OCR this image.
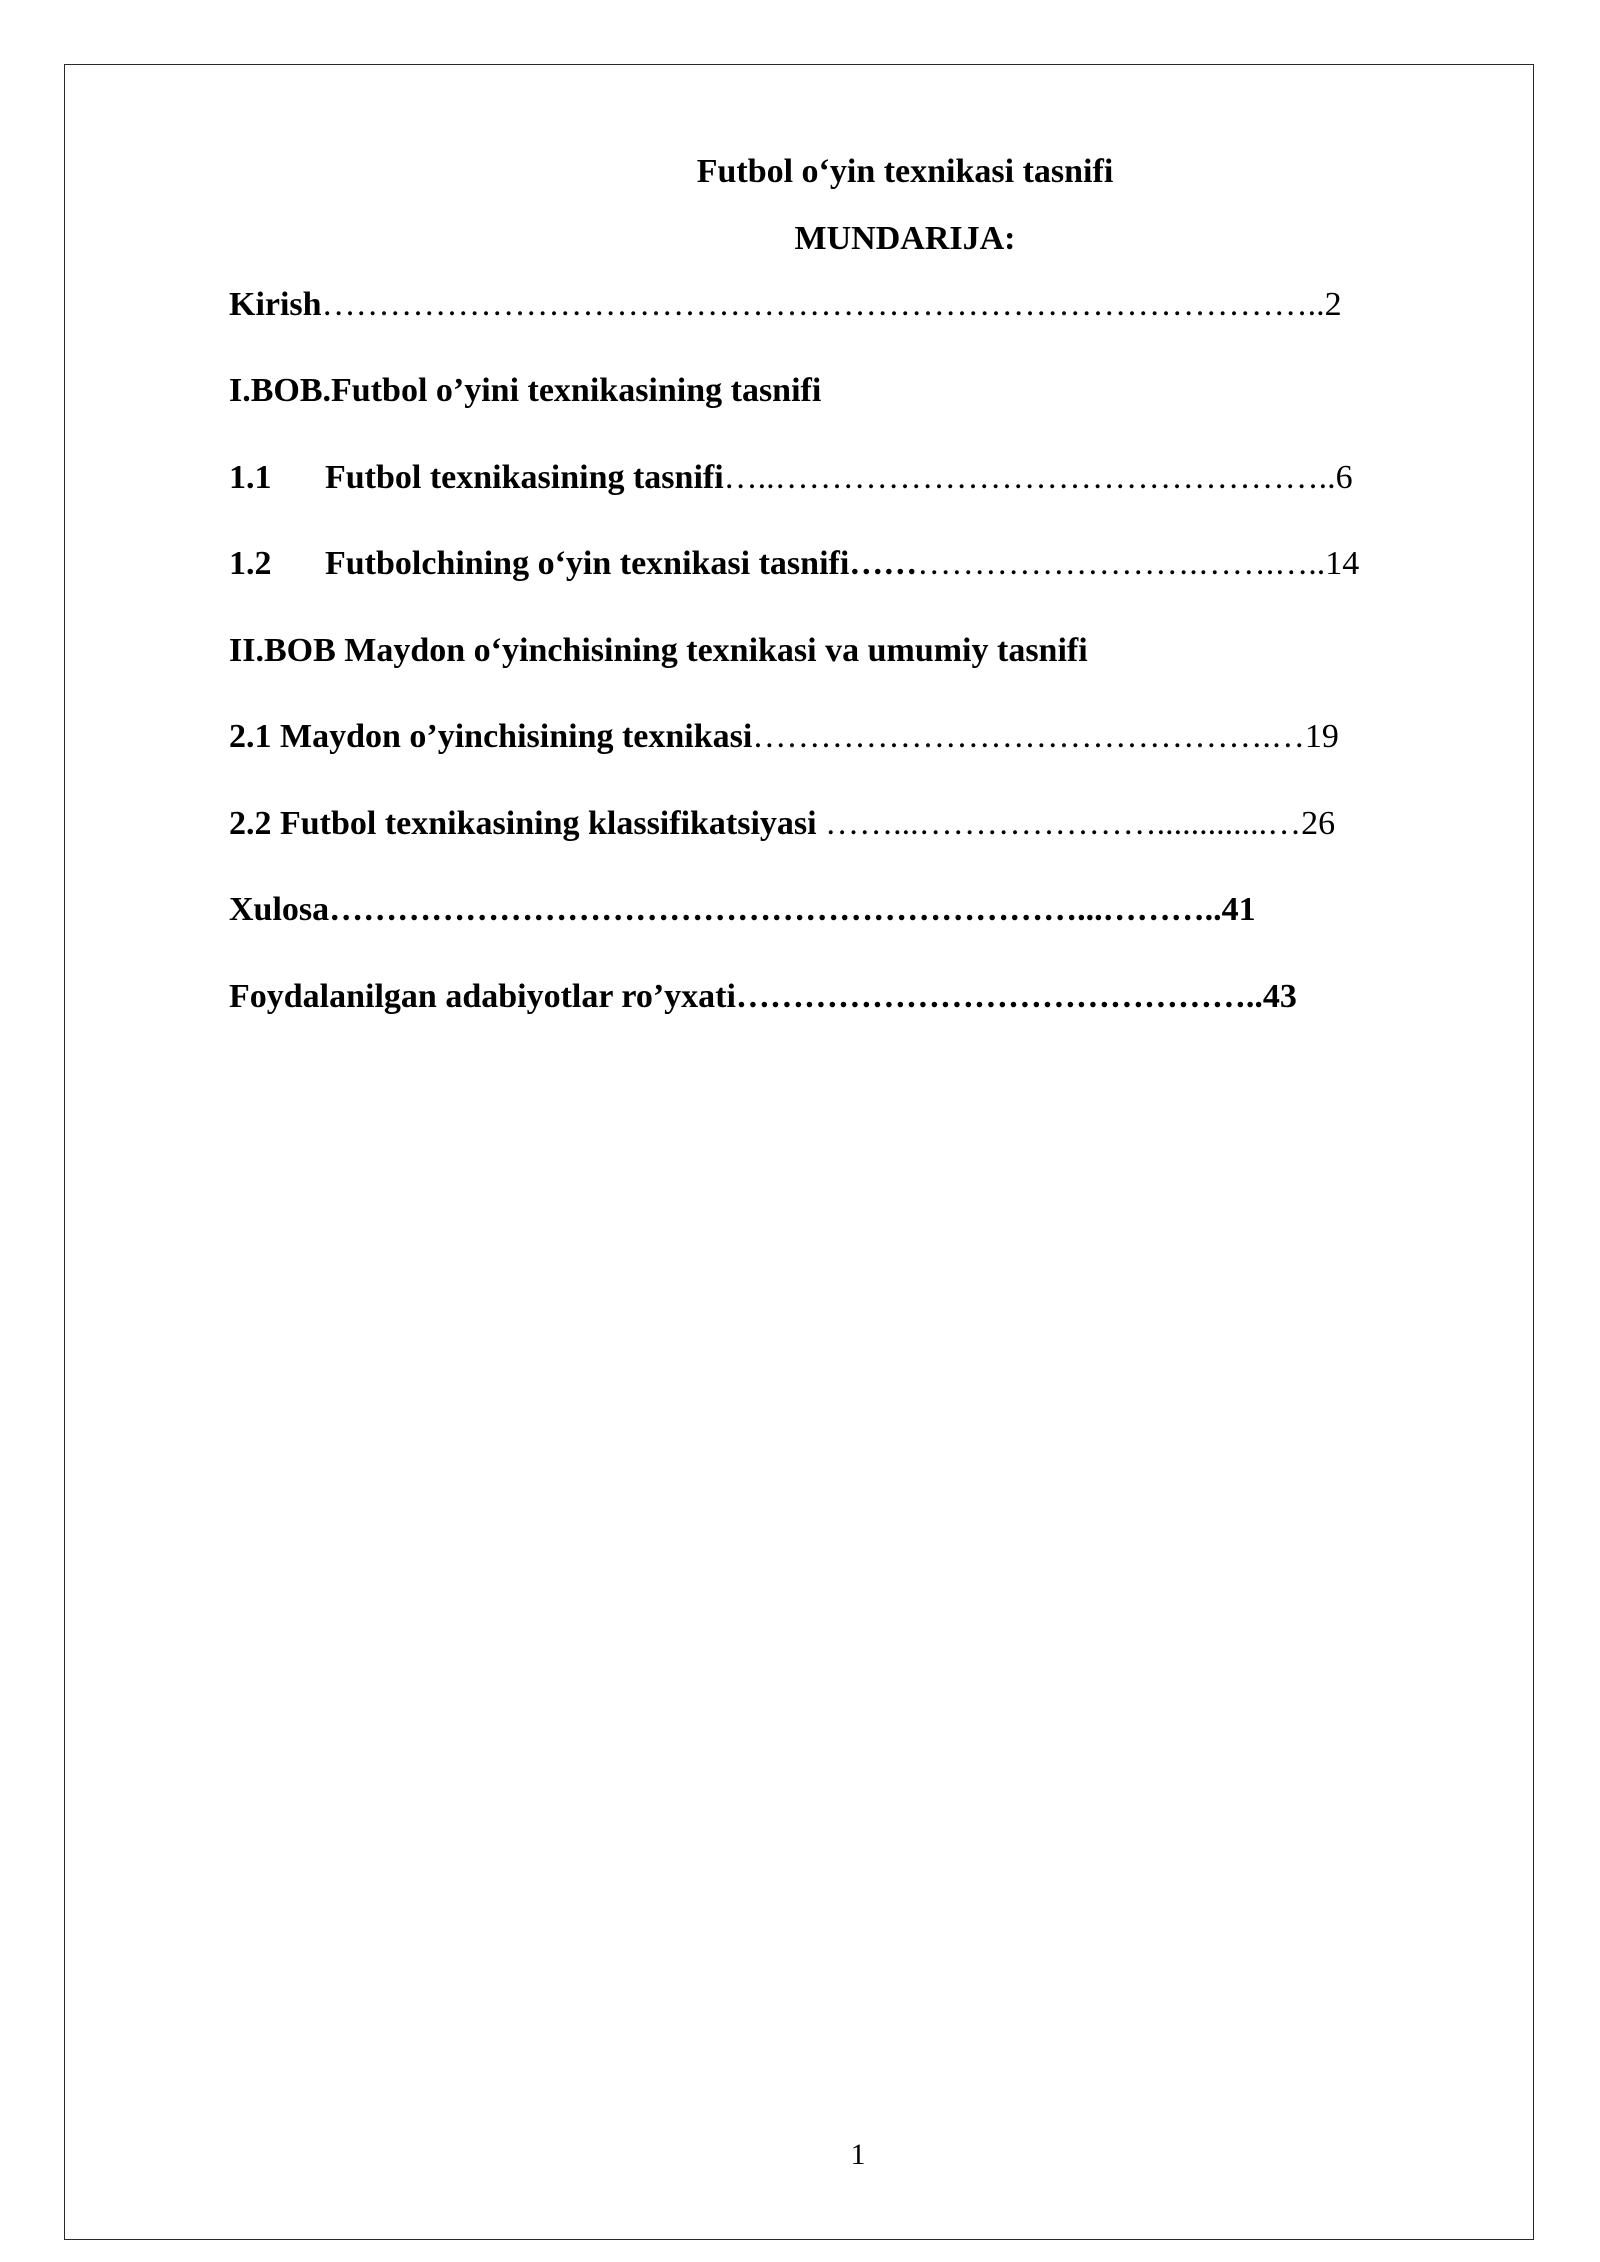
Futbol o‘yin texnikasi tasnifi
MUNDARIJA:
Kirish……………………………………………………………………………..2
I.BOB.Futbol o’yini texnikasining tasnifi
1.1 Futbol texnikasining tasnifi…..…………………………………………..6
1.2 Futbolchining o‘yin texnikasi tasnifi………………………….…….…..14
II.BOB Maydon o‘yinchisining texnikasi va umumiy tasnifi
2.1 Maydon o’yinchisining texnikasi……………………………………….…19
2.2 Futbol texnikasining klassifikatsiyasi ……...………………….............…26
Xulosa…………………………………………………………...………..41
Foydalanilgan adabiyotlar ro’yxati………………………………………..43
1
